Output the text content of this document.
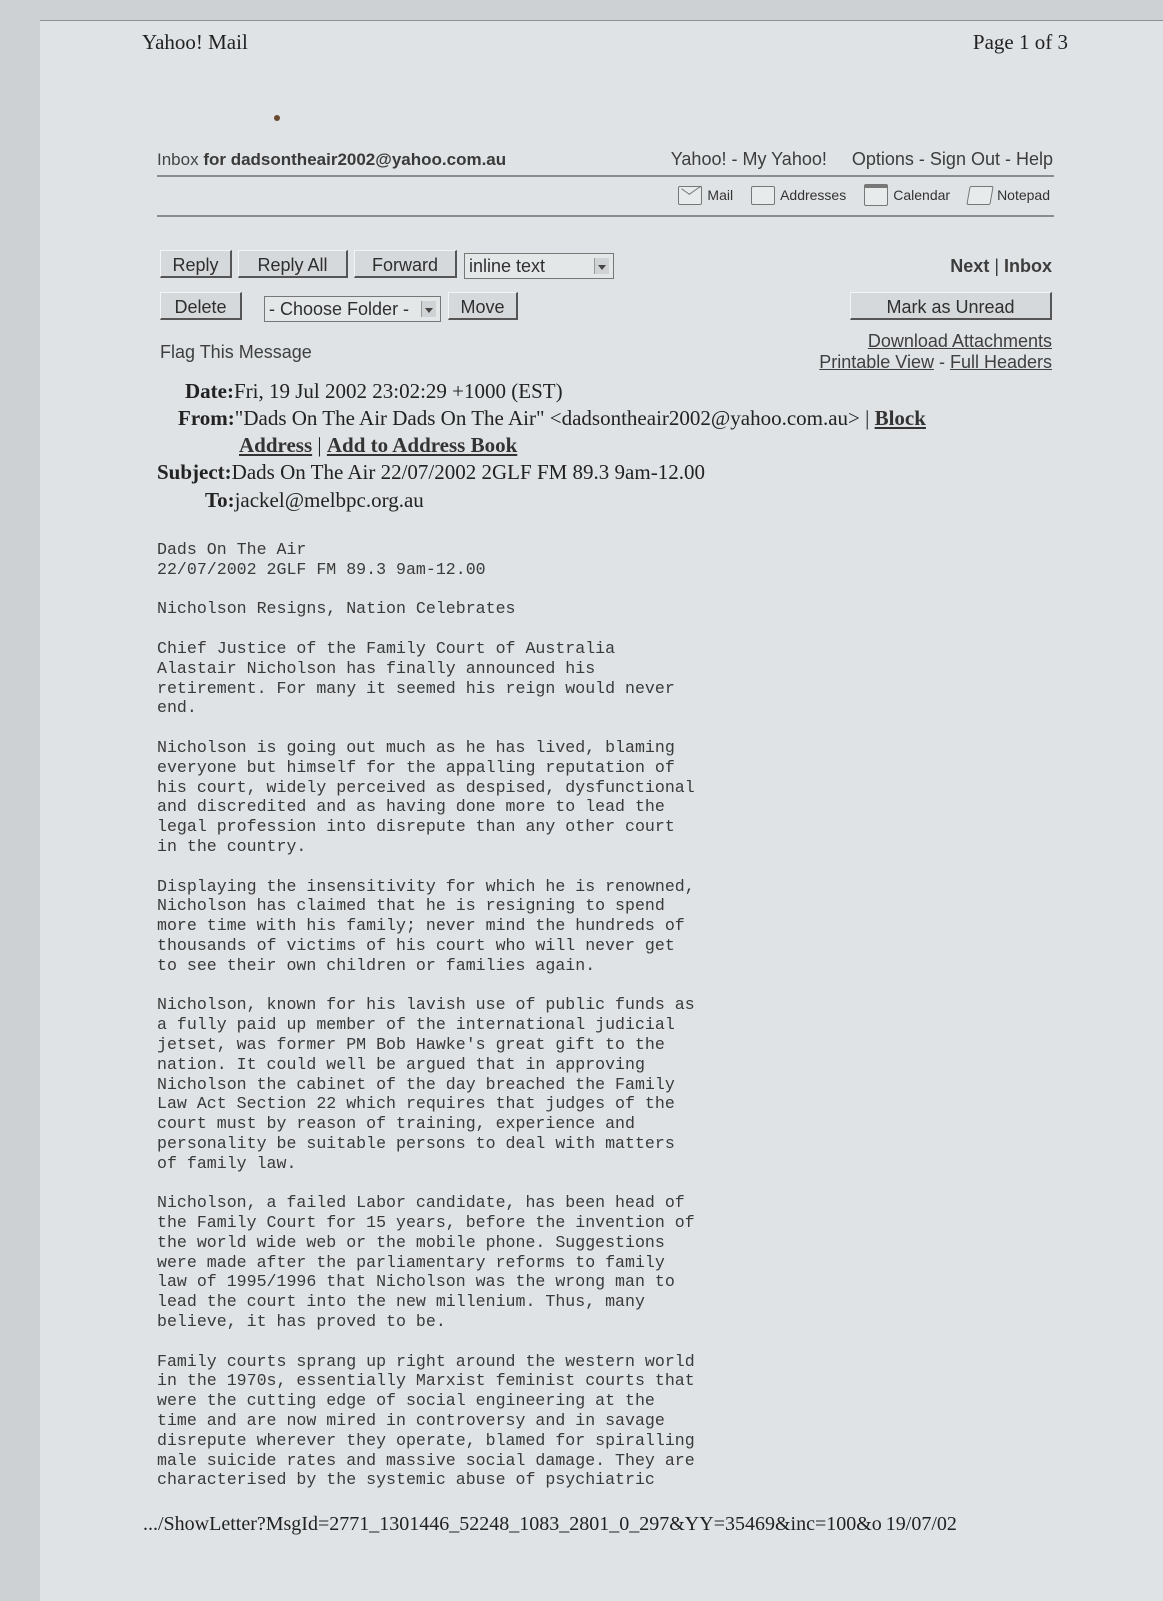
Yahoo! Mail	Page 1 of 3
Inbox for dadsontheair2002@yahoo.com.au	Yahoo! - My Yahoo! Options - Sign Out - Help
Mail	Addresses	Calendar	Notepad
Reply	Reply All	Forward	inline text	Next | Inbox
Delete	- Choose Folder -	Move	Mark as Unread
Flag This Message
Download Attachments
Printable View - Full Headers
Date:Fri, 19 Jul 2002 23:02:29 +1000 (EST)
From:"Dads On The Air Dads On The Air" <dadsontheair2002@yahoo.com.au> | Block
Address | Add to Address Book
Subject:Dads On The Air 22/07/2002 2GLF FM 89.3 9am-12.00
To:jackel@melbpc.org.au
Dads On The Air
22/07/2002 2GLF FM 89.3 9am-12.00

Nicholson Resigns, Nation Celebrates

Chief Justice of the Family Court of Australia
Alastair Nicholson has finally announced his
retirement. For many it seemed his reign would never
end.

Nicholson is going out much as he has lived, blaming
everyone but himself for the appalling reputation of
his court, widely perceived as despised, dysfunctional
and discredited and as having done more to lead the
legal profession into disrepute than any other court
in the country.

Displaying the insensitivity for which he is renowned,
Nicholson has claimed that he is resigning to spend
more time with his family; never mind the hundreds of
thousands of victims of his court who will never get
to see their own children or families again.

Nicholson, known for his lavish use of public funds as
a fully paid up member of the international judicial
jetset, was former PM Bob Hawke's great gift to the
nation. It could well be argued that in approving
Nicholson the cabinet of the day breached the Family
Law Act Section 22 which requires that judges of the
court must by reason of training, experience and
personality be suitable persons to deal with matters
of family law.

Nicholson, a failed Labor candidate, has been head of
the Family Court for 15 years, before the invention of
the world wide web or the mobile phone. Suggestions
were made after the parliamentary reforms to family
law of 1995/1996 that Nicholson was the wrong man to
lead the court into the new millenium. Thus, many
believe, it has proved to be.

Family courts sprang up right around the western world
in the 1970s, essentially Marxist feminist courts that
were the cutting edge of social engineering at the
time and are now mired in controversy and in savage
disrepute wherever they operate, blamed for spiralling
male suicide rates and massive social damage. They are
characterised by the systemic abuse of psychiatric
.../ShowLetter?MsgId=2771_1301446_52248_1083_2801_0_297&YY=35469&inc=100&o 19/07/02
